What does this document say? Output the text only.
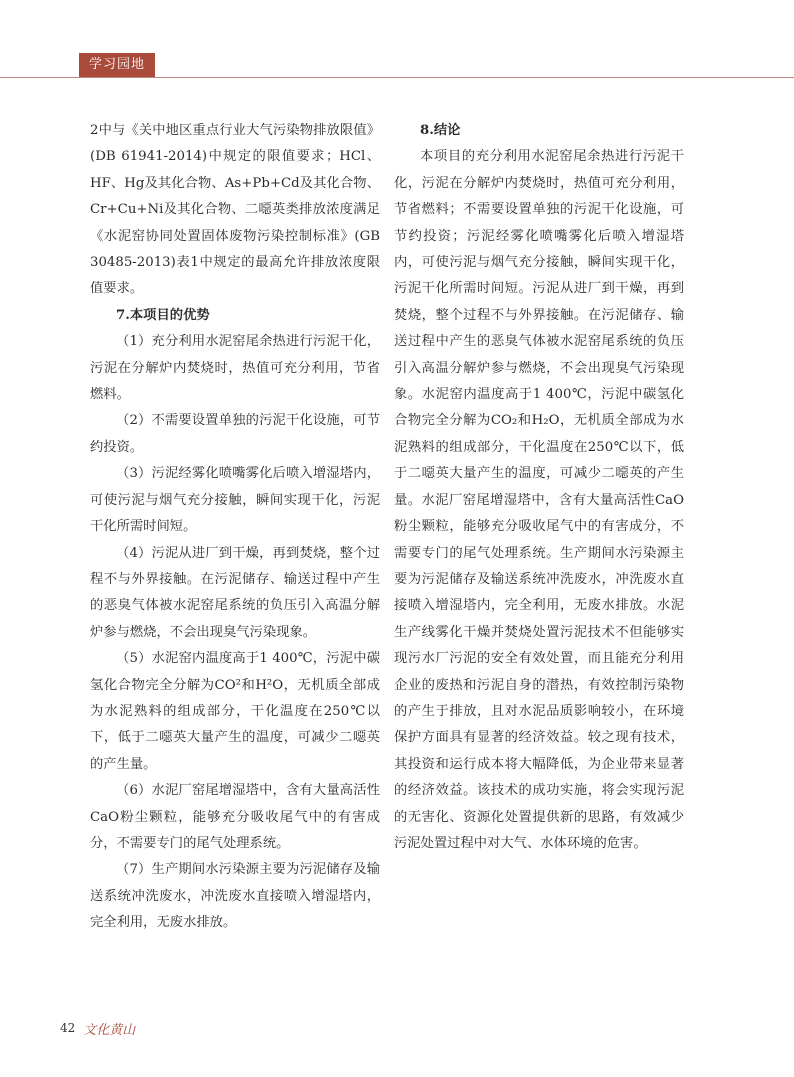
学习园地

2中与《关中地区重点行业大气污染物排放限值》(DB 61941-2014)中规定的限值要求；HCl、HF、Hg及其化合物、As+Pb+Cd及其化合物、Cr+Cu+Ni及其化合物、二噁英类排放浓度满足《水泥窑协同处置固体废物污染控制标准》(GB 30485-2013)表1中规定的最高允许排放浓度限值要求。

7.本项目的优势

（1）充分利用水泥窑尾余热进行污泥干化，污泥在分解炉内焚烧时，热值可充分利用，节省燃料。

（2）不需要设置单独的污泥干化设施，可节约投资。

（3）污泥经雾化喷嘴雾化后喷入增湿塔内，可使污泥与烟气充分接触，瞬间实现干化，污泥干化所需时间短。

（4）污泥从进厂到干燥，再到焚烧，整个过程不与外界接触。在污泥储存、输送过程中产生的恶臭气体被水泥窑尾系统的负压引入高温分解炉参与燃烧，不会出现臭气污染现象。

（5）水泥窑内温度高于1 400℃，污泥中碳氢化合物完全分解为CO²和H²O，无机质全部成为水泥熟料的组成部分，干化温度在250℃以下，低于二噁英大量产生的温度，可减少二噁英的产生量。

（6）水泥厂窑尾增湿塔中，含有大量高活性CaO粉尘颗粒，能够充分吸收尾气中的有害成分，不需要专门的尾气处理系统。

（7）生产期间水污染源主要为污泥储存及输送系统冲洗废水，冲洗废水直接喷入增湿塔内，完全利用，无废水排放。

8.结论

本项目的充分利用水泥窑尾余热进行污泥干化，污泥在分解炉内焚烧时，热值可充分利用，节省燃料；不需要设置单独的污泥干化设施，可节约投资；污泥经雾化喷嘴雾化后喷入增湿塔内，可使污泥与烟气充分接触，瞬间实现干化，污泥干化所需时间短。污泥从进厂到干燥，再到焚烧，整个过程不与外界接触。在污泥储存、输送过程中产生的恶臭气体被水泥窑尾系统的负压引入高温分解炉参与燃烧，不会出现臭气污染现象。水泥窑内温度高于1 400℃，污泥中碳氢化合物完全分解为CO₂和H₂O，无机质全部成为水泥熟料的组成部分，干化温度在250℃以下，低于二噁英大量产生的温度，可减少二噁英的产生量。水泥厂窑尾增湿塔中，含有大量高活性CaO粉尘颗粒，能够充分吸收尾气中的有害成分，不需要专门的尾气处理系统。生产期间水污染源主要为污泥储存及输送系统冲洗废水，冲洗废水直接喷入增湿塔内，完全利用，无废水排放。水泥生产线雾化干燥并焚烧处置污泥技术不但能够实现污水厂污泥的安全有效处置，而且能充分利用企业的废热和污泥自身的潜热，有效控制污染物的产生于排放，且对水泥品质影响较小，在环境保护方面具有显著的经济效益。较之现有技术，其投资和运行成本将大幅降低，为企业带来显著的经济效益。该技术的成功实施，将会实现污泥的无害化、资源化处置提供新的思路，有效减少污泥处置过程中对大气、水体环境的危害。

42 文化黄山
